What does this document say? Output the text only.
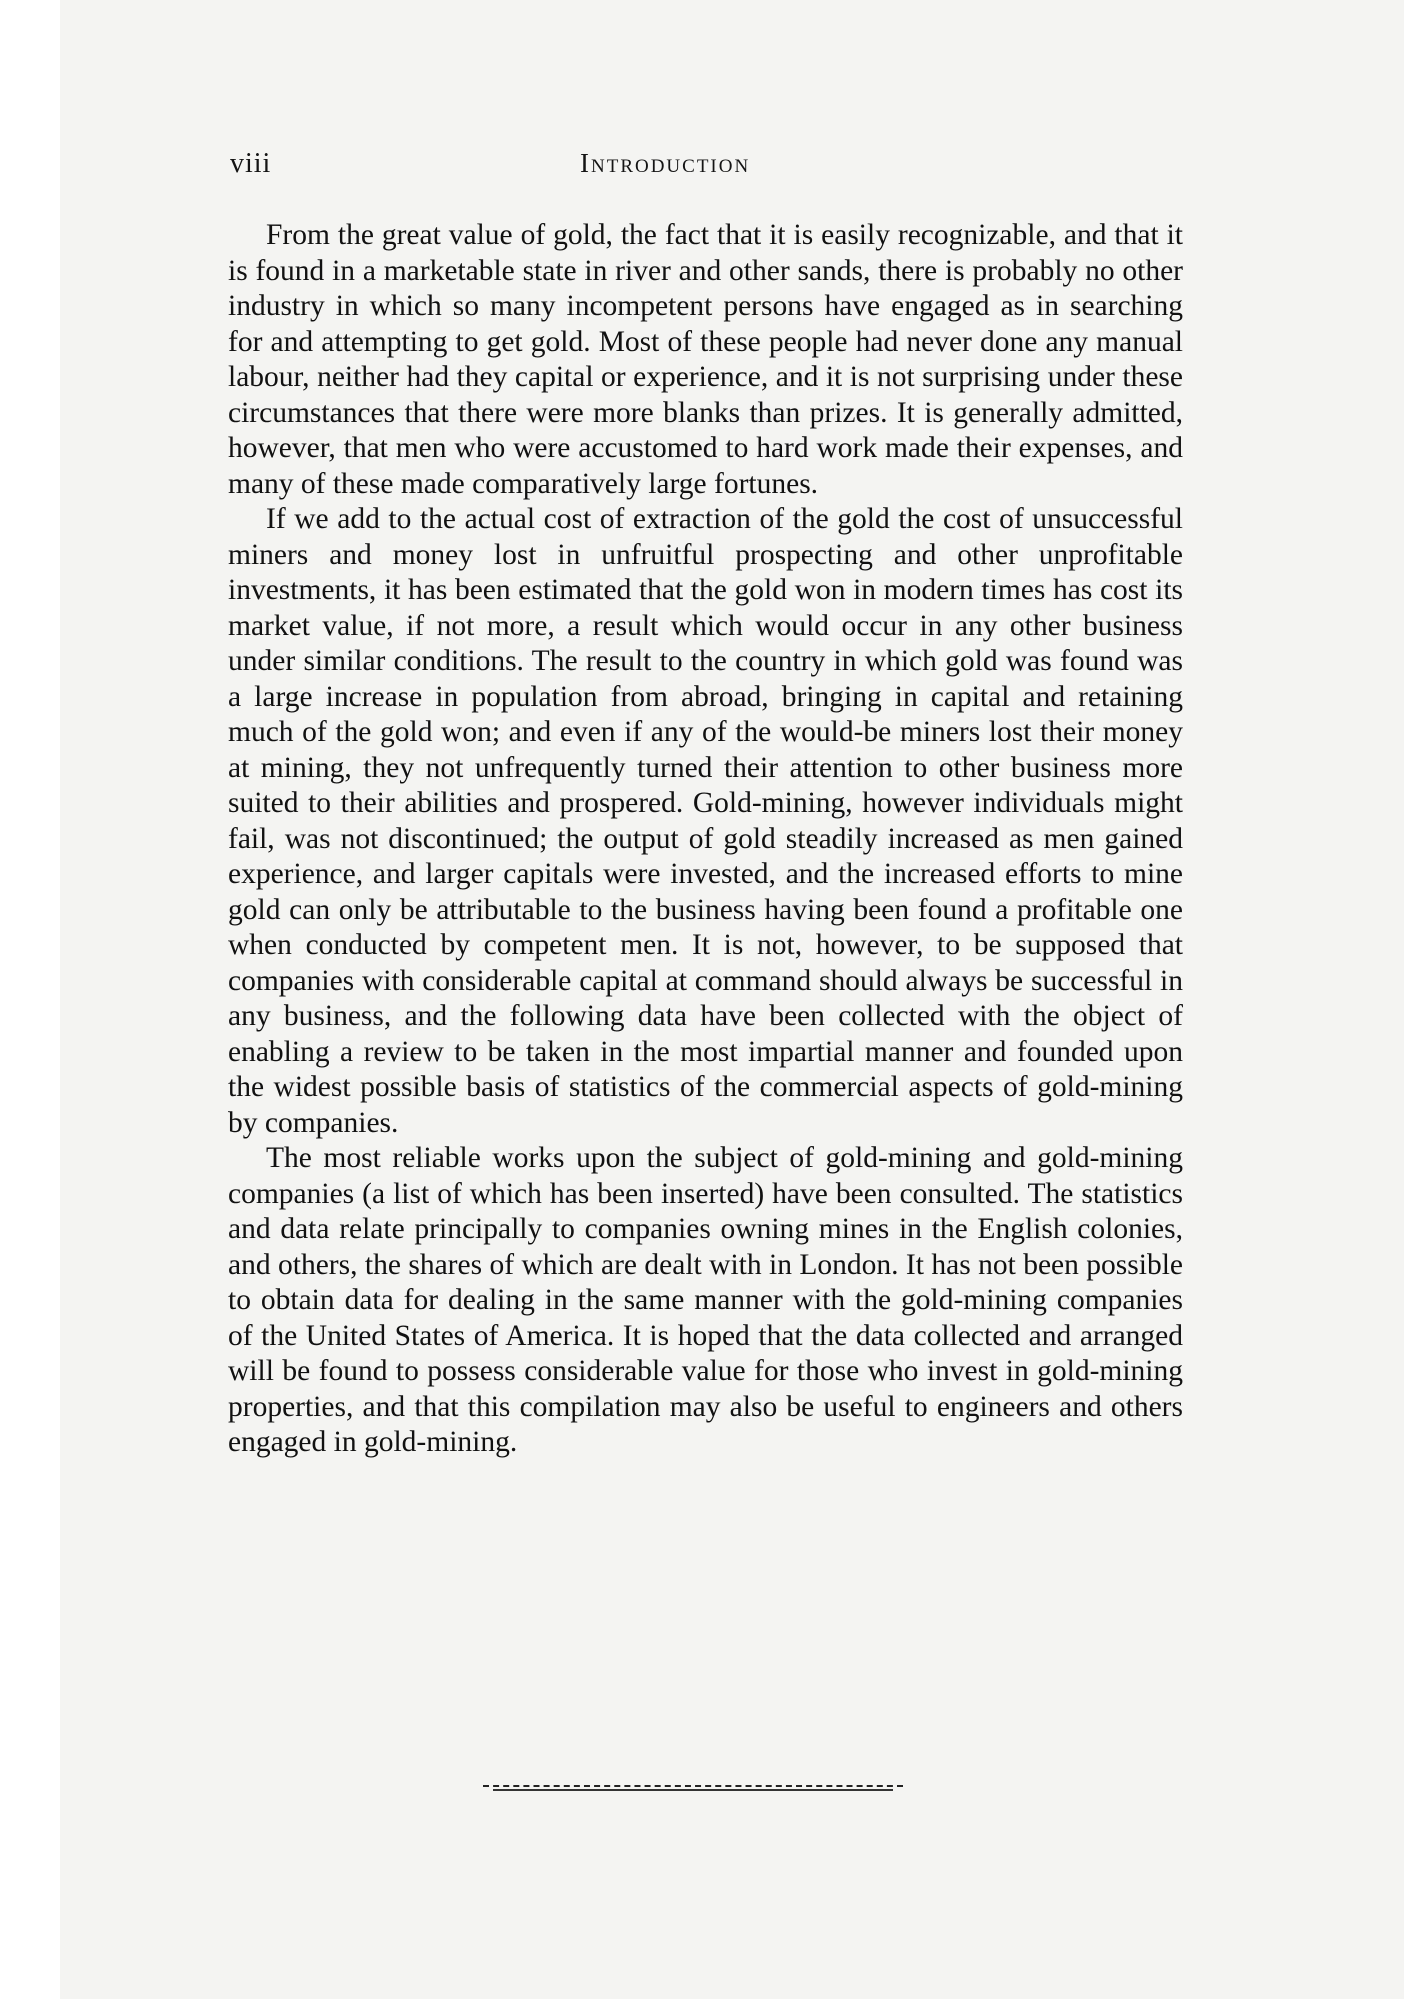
viii	Introduction

From the great value of gold, the fact that it is easily recognizable, and that it is found in a marketable state in river and other sands, there is probably no other industry in which so many incompetent persons have engaged as in searching for and attempting to get gold. Most of these people had never done any manual labour, neither had they capital or experience, and it is not surprising under these circumstances that there were more blanks than prizes. It is generally admitted, however, that men who were accustomed to hard work made their expenses, and many of these made comparatively large fortunes.

If we add to the actual cost of extraction of the gold the cost of unsuccessful miners and money lost in unfruitful prospecting and other unprofitable investments, it has been estimated that the gold won in modern times has cost its market value, if not more, a result which would occur in any other business under similar conditions. The result to the country in which gold was found was a large increase in population from abroad, bringing in capital and retaining much of the gold won; and even if any of the would-be miners lost their money at mining, they not unfrequently turned their attention to other business more suited to their abilities and prospered. Gold-mining, however individuals might fail, was not discontinued; the output of gold steadily increased as men gained experience, and larger capitals were invested, and the increased efforts to mine gold can only be attributable to the business having been found a profitable one when conducted by competent men. It is not, however, to be supposed that companies with considerable capital at command should always be successful in any business, and the following data have been collected with the object of enabling a review to be taken in the most impartial manner and founded upon the widest possible basis of statistics of the commercial aspects of gold-mining by companies.

The most reliable works upon the subject of gold-mining and gold-mining companies (a list of which has been inserted) have been consulted. The statistics and data relate principally to companies owning mines in the English colonies, and others, the shares of which are dealt with in London. It has not been possible to obtain data for dealing in the same manner with the gold-mining companies of the United States of America. It is hoped that the data collected and arranged will be found to possess considerable value for those who invest in gold-mining properties, and that this compilation may also be useful to engineers and others engaged in gold-mining.
